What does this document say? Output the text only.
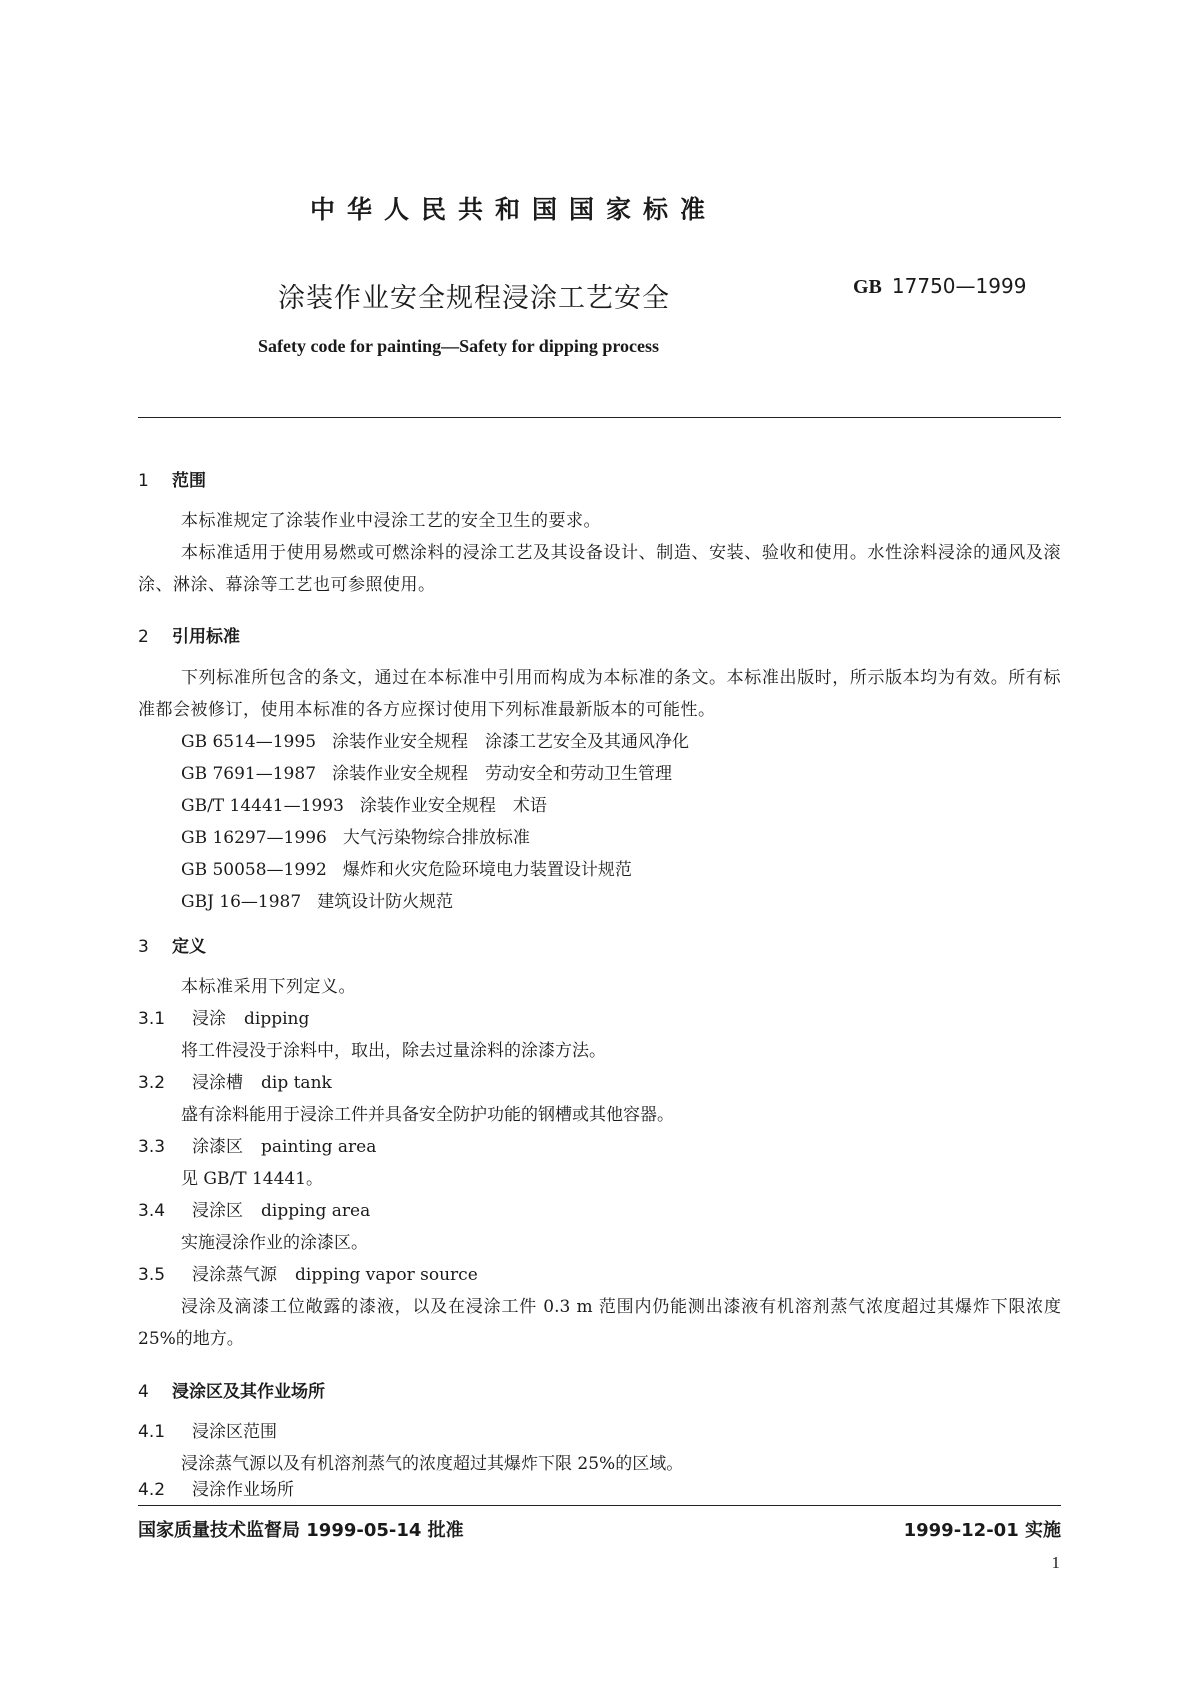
中华人民共和国国家标准
涂装作业安全规程浸涂工艺安全	GB 17750—1999
Safety code for painting—Safety for dipping process
1 范围
本标准规定了涂装作业中浸涂工艺的安全卫生的要求。
本标准适用于使用易燃或可燃涂料的浸涂工艺及其设备设计、制造、安装、验收和使用。水性涂料浸涂的通风及滚涂、淋涂、幕涂等工艺也可参照使用。
2 引用标准
下列标准所包含的条文，通过在本标准中引用而构成为本标准的条文。本标准出版时，所示版本均为有效。所有标准都会被修订，使用本标准的各方应探讨使用下列标准最新版本的可能性。
GB 6514—1995 涂装作业安全规程　涂漆工艺安全及其通风净化
GB 7691—1987 涂装作业安全规程　劳动安全和劳动卫生管理
GB/T 14441—1993 涂装作业安全规程　术语
GB 16297—1996 大气污染物综合排放标准
GB 50058—1992 爆炸和火灾危险环境电力装置设计规范
GBJ 16—1987 建筑设计防火规范
3 定义
本标准采用下列定义。
3.1 浸涂 dipping
将工件浸没于涂料中，取出，除去过量涂料的涂漆方法。
3.2 浸涂槽 dip tank
盛有涂料能用于浸涂工件并具备安全防护功能的钢槽或其他容器。
3.3 涂漆区 painting area
见 GB/T 14441。
3.4 浸涂区 dipping area
实施浸涂作业的涂漆区。
3.5 浸涂蒸气源 dipping vapor source
浸涂及滴漆工位敞露的漆液，以及在浸涂工件 0.3 m 范围内仍能测出漆液有机溶剂蒸气浓度超过其爆炸下限浓度 25%的地方。
4 浸涂区及其作业场所
4.1 浸涂区范围
浸涂蒸气源以及有机溶剂蒸气的浓度超过其爆炸下限 25%的区域。
4.2 浸涂作业场所
国家质量技术监督局 1999-05-14 批准	1999-12-01 实施
1
